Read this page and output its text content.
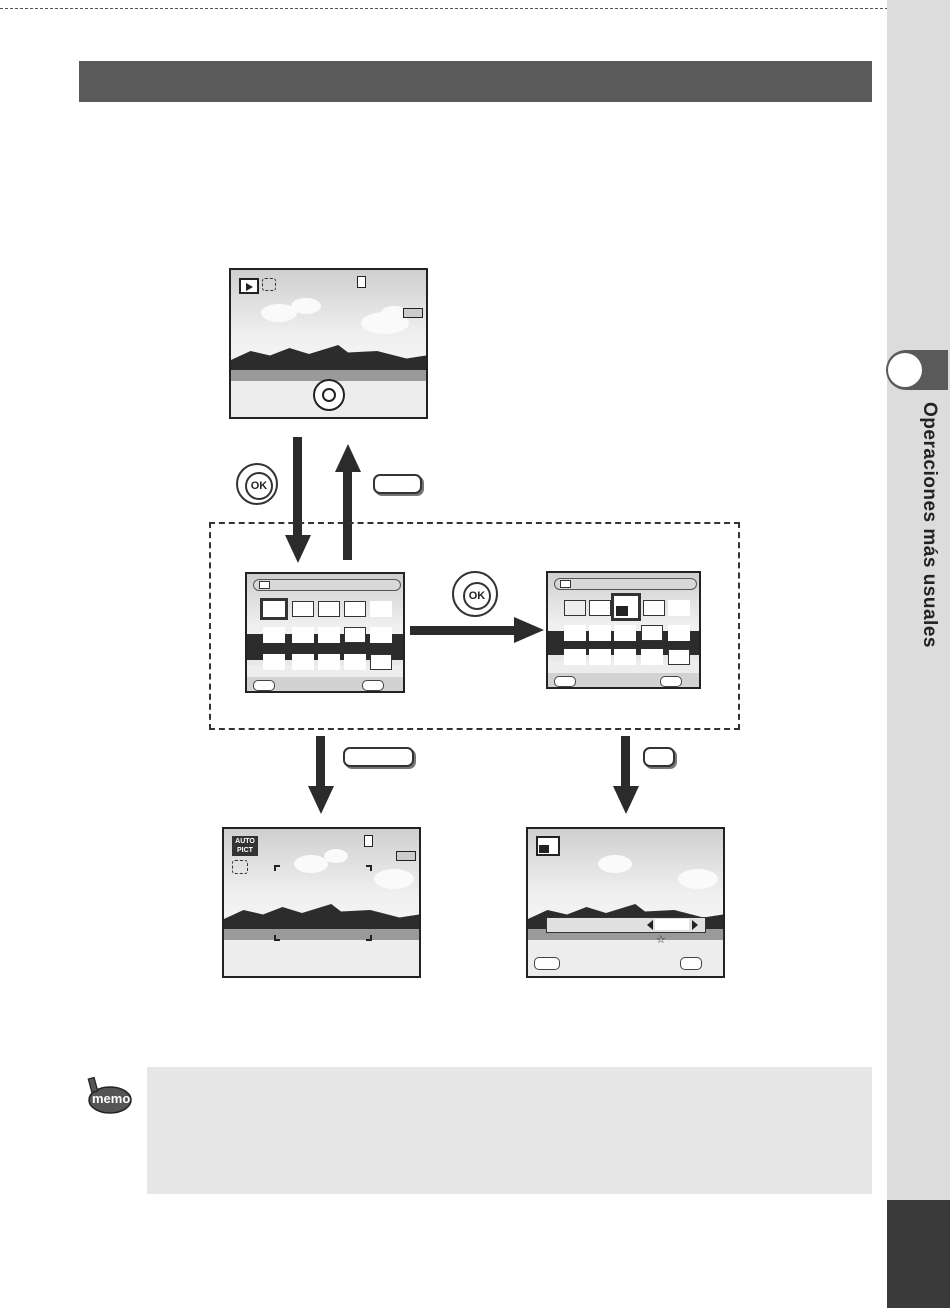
Operaciones más usuales
OK
OK
AUTO
PICT
☆
memo
